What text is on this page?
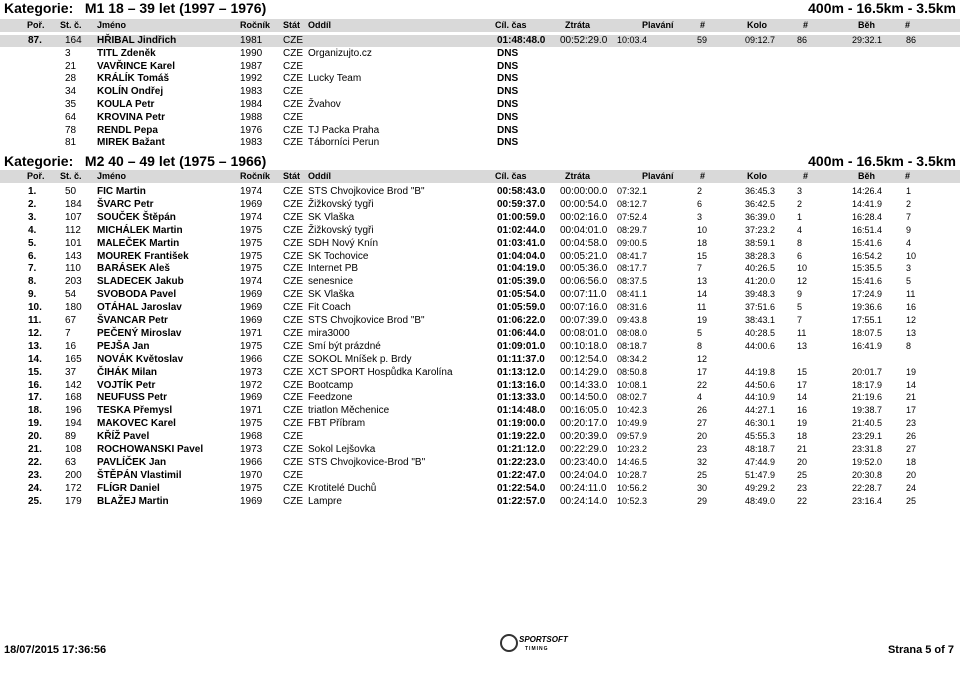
Kategorie: M1 18 – 39 let (1997 – 1976)	400m - 16.5km - 3.5km
Poř. St. č. Jméno	Ročník Stát Oddíl	Cíl. čas	Ztráta	Plavání	#	Kolo	#	Běh	#
87. 164 HŘIBAL Jindřich	1981 CZE	01:48:48.0 00:52:29.0 10:03.4	59	09:12.7 86	29:32.1	86
3	TITL Zdeněk	1990 CZE Organizujto.cz	DNS
21 VAVŘINCE Karel	1987 CZE	DNS
28 KRÁLÍK Tomáš	1992 CZE Lucky Team	DNS
34 KOLÍN Ondřej	1983 CZE	DNS
35 KOULA Petr	1984 CZE Žvahov	DNS
64 KROVINA Petr	1988 CZE	DNS
78 RENDL Pepa	1976 CZE TJ Packa Praha	DNS
81 MIREK Bažant	1983 CZE Táborníci Perun	DNS
Kategorie: M2 40 – 49 let (1975 – 1966)	400m - 16.5km - 3.5km
Poř. St. č. Jméno	Ročník Stát Oddíl	Cíl. čas	Ztráta	Plavání	#	Kolo	#	Běh	#
1.	50 FIC Martin	1974 CZE STS Chvojkovice Brod "B"	00:58:43.0 00:00:00.0 07:32.1	2	36:45.3 3	14:26.4	1
2.	184 ŠVARC Petr	1969 CZE Žižkovský tygři	00:59:37.0 00:00:54.0 08:12.7	6	36:42.5 2	14:41.9	2
3.	107 SOUČEK Štěpán	1974 CZE SK Vlaška	01:00:59.0 00:02:16.0 07:52.4	3	36:39.0 1	16:28.4	7
4.	112 MICHÁLEK Martin	1975 CZE Žižkovský tygři	01:02:44.0 00:04:01.0 08:29.7	10	37:23.2 4	16:51.4	9
5.	101 MALEČEK Martin	1975 CZE SDH Nový Knín	01:03:41.0 00:04:58.0 09:00.5	18	38:59.1 8	15:41.6	4
6.	143 MOUREK František	1975 CZE SK Tochovice	01:04:04.0 00:05:21.0 08:41.7	15	38:28.3 6	16:54.2	10
7.	110 BARÁSEK Aleš	1975 CZE Internet PB	01:04:19.0 00:05:36.0 08:17.7	7	40:26.5 10	15:35.5	3
8.	203 SLADECEK Jakub	1974 CZE senesnice	01:05:39.0 00:06:56.0 08:37.5	13	41:20.0 12	15:41.6	5
9.	54 SVOBODA Pavel	1969 CZE SK Vlaška	01:05:54.0 00:07:11.0 08:41.1	14	39:48.3 9	17:24.9	11
10. 180 OTÁHAL Jaroslav	1969 CZE Fit Coach	01:05:59.0 00:07:16.0 08:31.6	11	37:51.6 5	19:36.6	16
11. 67 ŠVANCAR Petr	1969 CZE STS Chvojkovice Brod "B"	01:06:22.0 00:07:39.0 09:43.8	19	38:43.1 7	17:55.1	12
12. 7	PEČENÝ Miroslav	1971 CZE mira3000	01:06:44.0 00:08:01.0 08:08.0	5	40:28.5 11	18:07.5	13
13. 16 PEJŠA Jan	1975 CZE Smí být prázdné	01:09:01.0 00:10:18.0 08:18.7	8	44:00.6 13	16:41.9	8
14. 165 NOVÁK Květoslav	1966 CZE SOKOL Mníšek p. Brdy	01:11:37.0 00:12:54.0 08:34.2	12
15. 37 ČIHÁK Milan	1973 CZE XCT SPORT Hospůdka Karolína	01:13:12.0 00:14:29.0 08:50.8	17	44:19.8 15	20:01.7	19
16. 142 VOJTÍK Petr	1972 CZE Bootcamp	01:13:16.0 00:14:33.0 10:08.1	22	44:50.6 17	18:17.9	14
17. 168 NEUFUSS Petr	1969 CZE Feedzone	01:13:33.0 00:14:50.0 08:02.7	4	44:10.9 14	21:19.6	21
18. 196 TESKA Přemysl	1971 CZE triatlon Měchenice	01:14:48.0 00:16:05.0 10:42.3	26	44:27.1 16	19:38.7	17
19. 194 MAKOVEC Karel	1975 CZE FBT Příbram	01:19:00.0 00:20:17.0 10:49.9	27	46:30.1 19	21:40.5	23
20. 89 KŘÍŽ Pavel	1968 CZE	01:19:22.0 00:20:39.0 09:57.9	20	45:55.3 18	23:29.1	26
21. 108 ROCHOWANSKI Pavel	1973 CZE Sokol Lejšovka	01:21:12.0 00:22:29.0 10:23.2	23	48:18.7 21	23:31.8	27
22. 63 PAVLÍČEK Jan	1966 CZE STS Chvojkovice-Brod "B"	01:22:23.0 00:23:40.0 14:46.5	32	47:44.9 20	19:52.0	18
23. 200 ŠTĚPÁN Vlastimil	1970 CZE	01:22:47.0 00:24:04.0 10:28.7	25	51:47.9 25	20:30.8	20
24. 172 FLÍGR Daniel	1975 CZE Krotitelé Duchů	01:22:54.0 00:24:11.0 10:56.2	30	49:29.2 23	22:28.7	24
25. 179 BLAŽEJ Martin	1969 CZE Lampre	01:22:57.0 00:24:14.0 10:52.3	29	48:49.0 22	23:16.4	25
18/07/2015 17:36:56
SPORTSOFT
TIMING	Strana 5 of 7
